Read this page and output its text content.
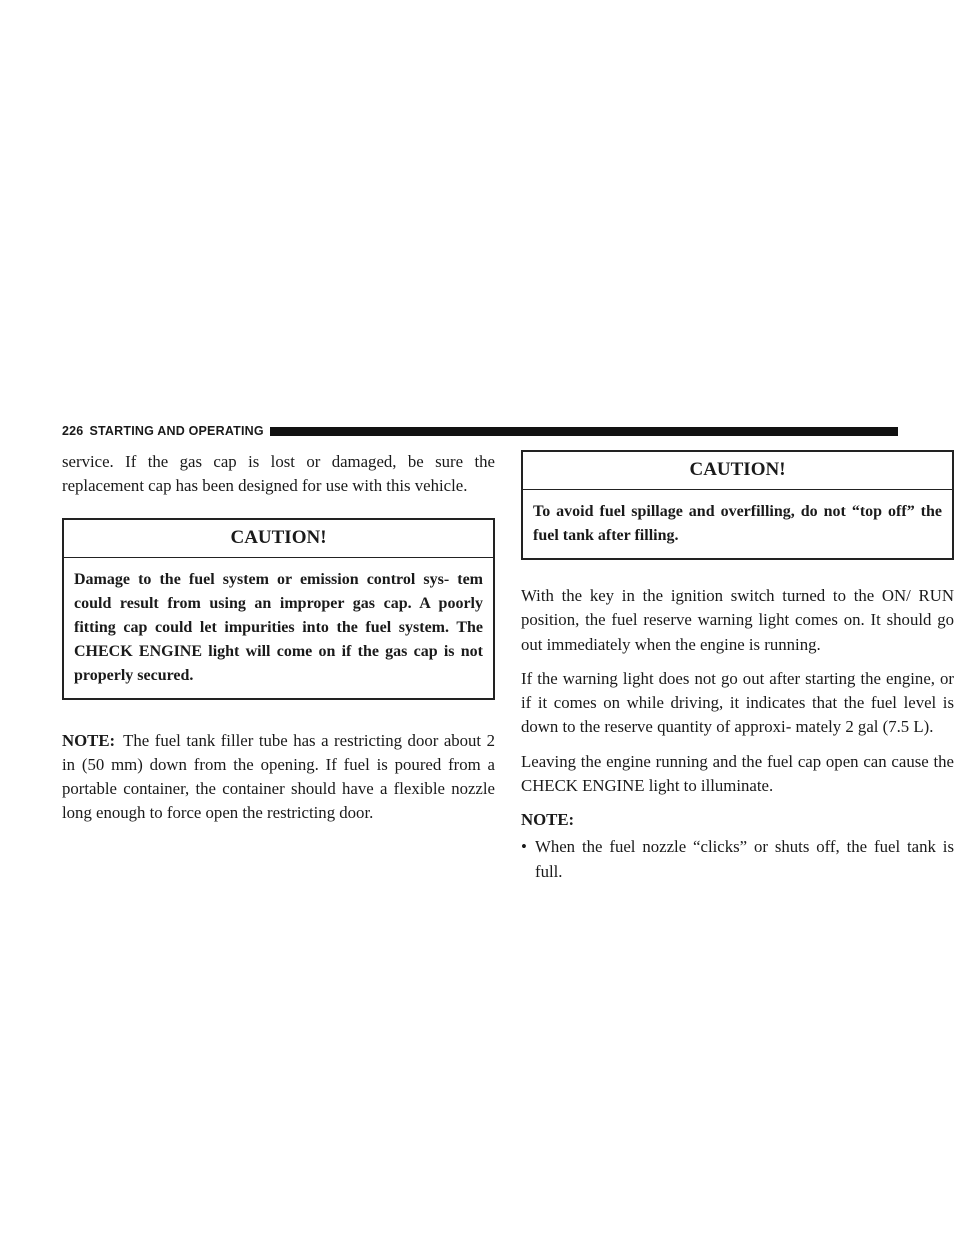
226 STARTING AND OPERATING

service. If the gas cap is lost or damaged, be sure the replacement cap has been designed for use with this vehicle.

CAUTION!

Damage to the fuel system or emission control sys- tem could result from using an improper gas cap. A poorly fitting cap could let impurities into the fuel system. The CHECK ENGINE light will come on if the gas cap is not properly secured.

NOTE: The fuel tank filler tube has a restricting door about 2 in (50 mm) down from the opening. If fuel is poured from a portable container, the container should have a flexible nozzle long enough to force open the restricting door.

CAUTION!

To avoid fuel spillage and overfilling, do not “top off” the fuel tank after filling.

With the key in the ignition switch turned to the ON/ RUN position, the fuel reserve warning light comes on. It should go out immediately when the engine is running.

If the warning light does not go out after starting the engine, or if it comes on while driving, it indicates that the fuel level is down to the reserve quantity of approxi- mately 2 gal (7.5 L).

Leaving the engine running and the fuel cap open can cause the CHECK ENGINE light to illuminate.

NOTE:

• When the fuel nozzle “clicks” or shuts off, the fuel tank is full.
